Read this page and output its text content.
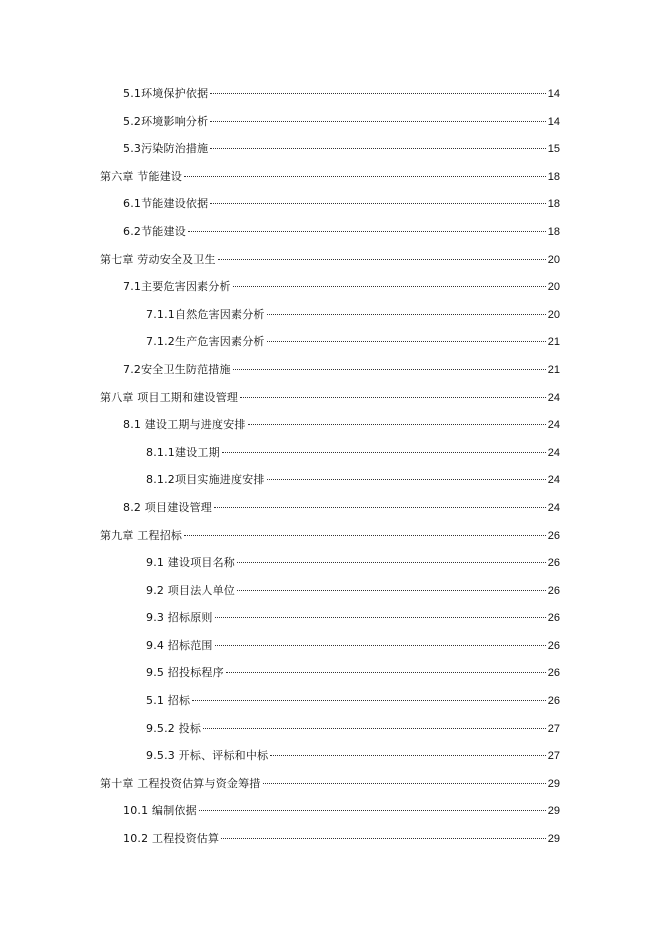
5.1环境保护依据	14
5.2环境影响分析	14
5.3污染防治措施	15
第六章 节能建设	18
6.1节能建设依据	18
6.2节能建设	18
第七章 劳动安全及卫生	20
7.1主要危害因素分析	20
7.1.1自然危害因素分析	20
7.1.2生产危害因素分析	21
7.2安全卫生防范措施	21
第八章 项目工期和建设管理	24
8.1 建设工期与进度安排	24
8.1.1建设工期	24
8.1.2项目实施进度安排	24
8.2 项目建设管理	24
第九章 工程招标	26
9.1 建设项目名称	26
9.2 项目法人单位	26
9.3 招标原则	26
9.4 招标范围	26
9.5 招投标程序	26
5.1 招标	26
9.5.2 投标	27
9.5.3 开标、评标和中标	27
第十章 工程投资估算与资金筹措	29
10.1 编制依据	29
10.2 工程投资估算	29
